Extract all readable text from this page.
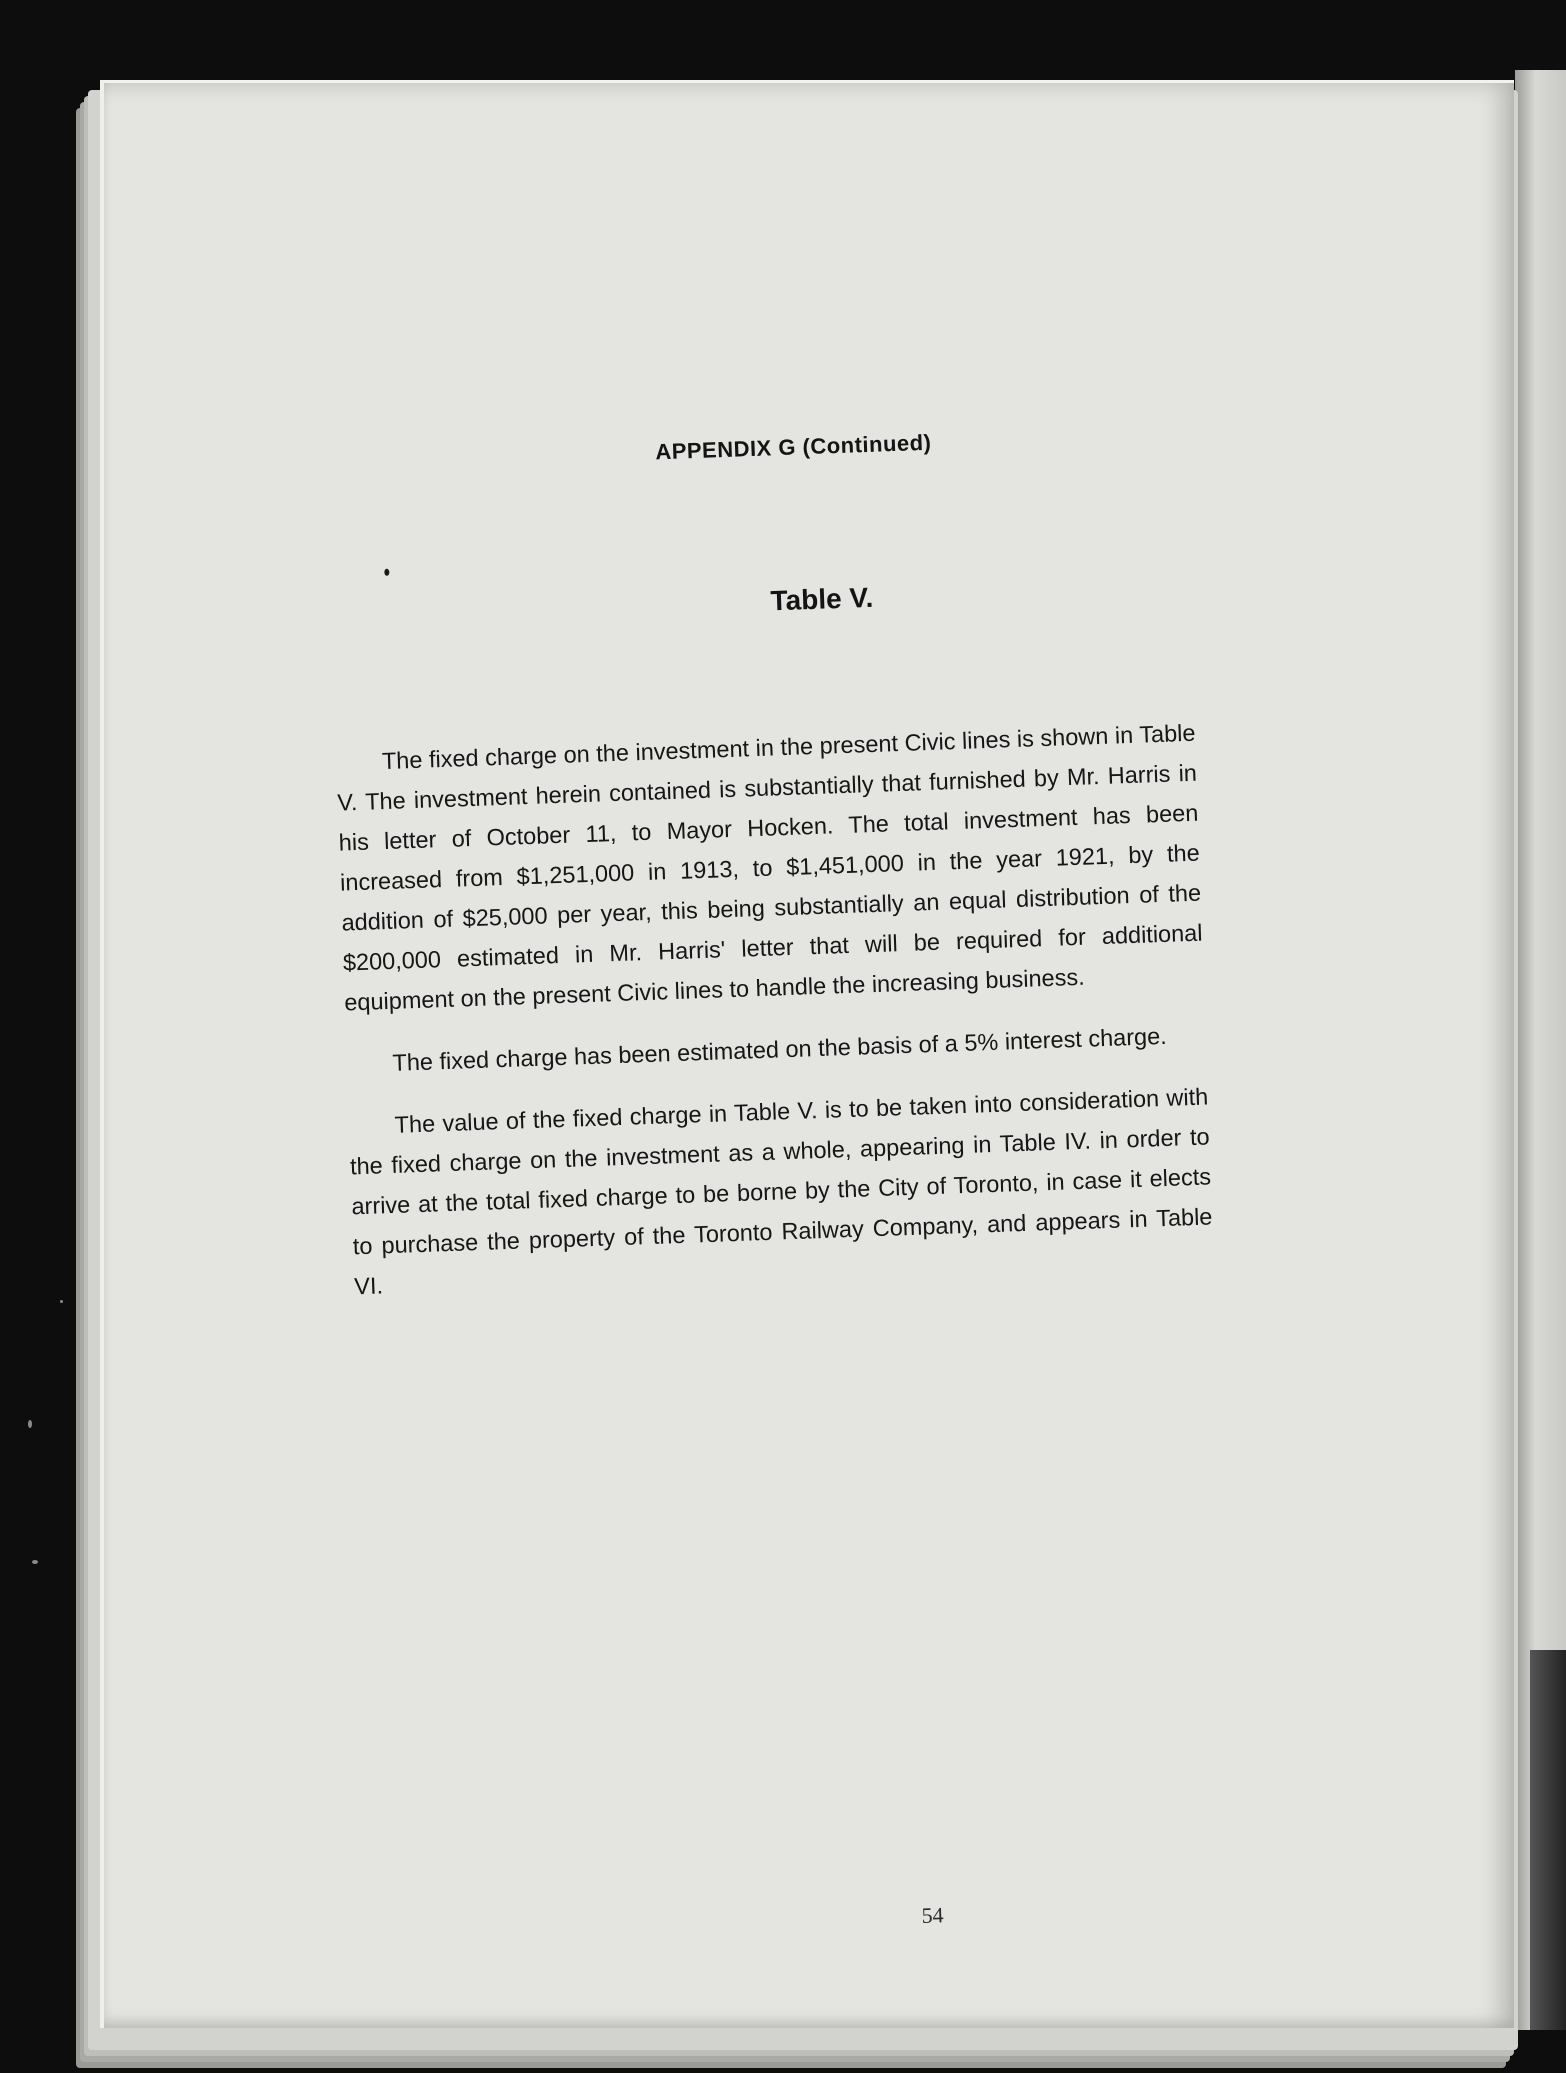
APPENDIX G (Continued)
Table V.

The fixed charge on the investment in the present Civic lines is shown in Table V. The investment herein contained is substantially that furnished by Mr. Harris in his letter of October 11, to Mayor Hocken. The total investment has been increased from $1,251,000 in 1913, to $1,451,000 in the year 1921, by the addition of $25,000 per year, this being substantially an equal distribution of the $200,000 estimated in Mr. Harris' letter that will be required for additional equipment on the present Civic lines to handle the increasing business.

The fixed charge has been estimated on the basis of a 5% interest charge.

The value of the fixed charge in Table V. is to be taken into consideration with the fixed charge on the investment as a whole, appearing in Table IV. in order to arrive at the total fixed charge to be borne by the City of Toronto, in case it elects to purchase the property of the Toronto Railway Company, and appears in Table VI.

54
